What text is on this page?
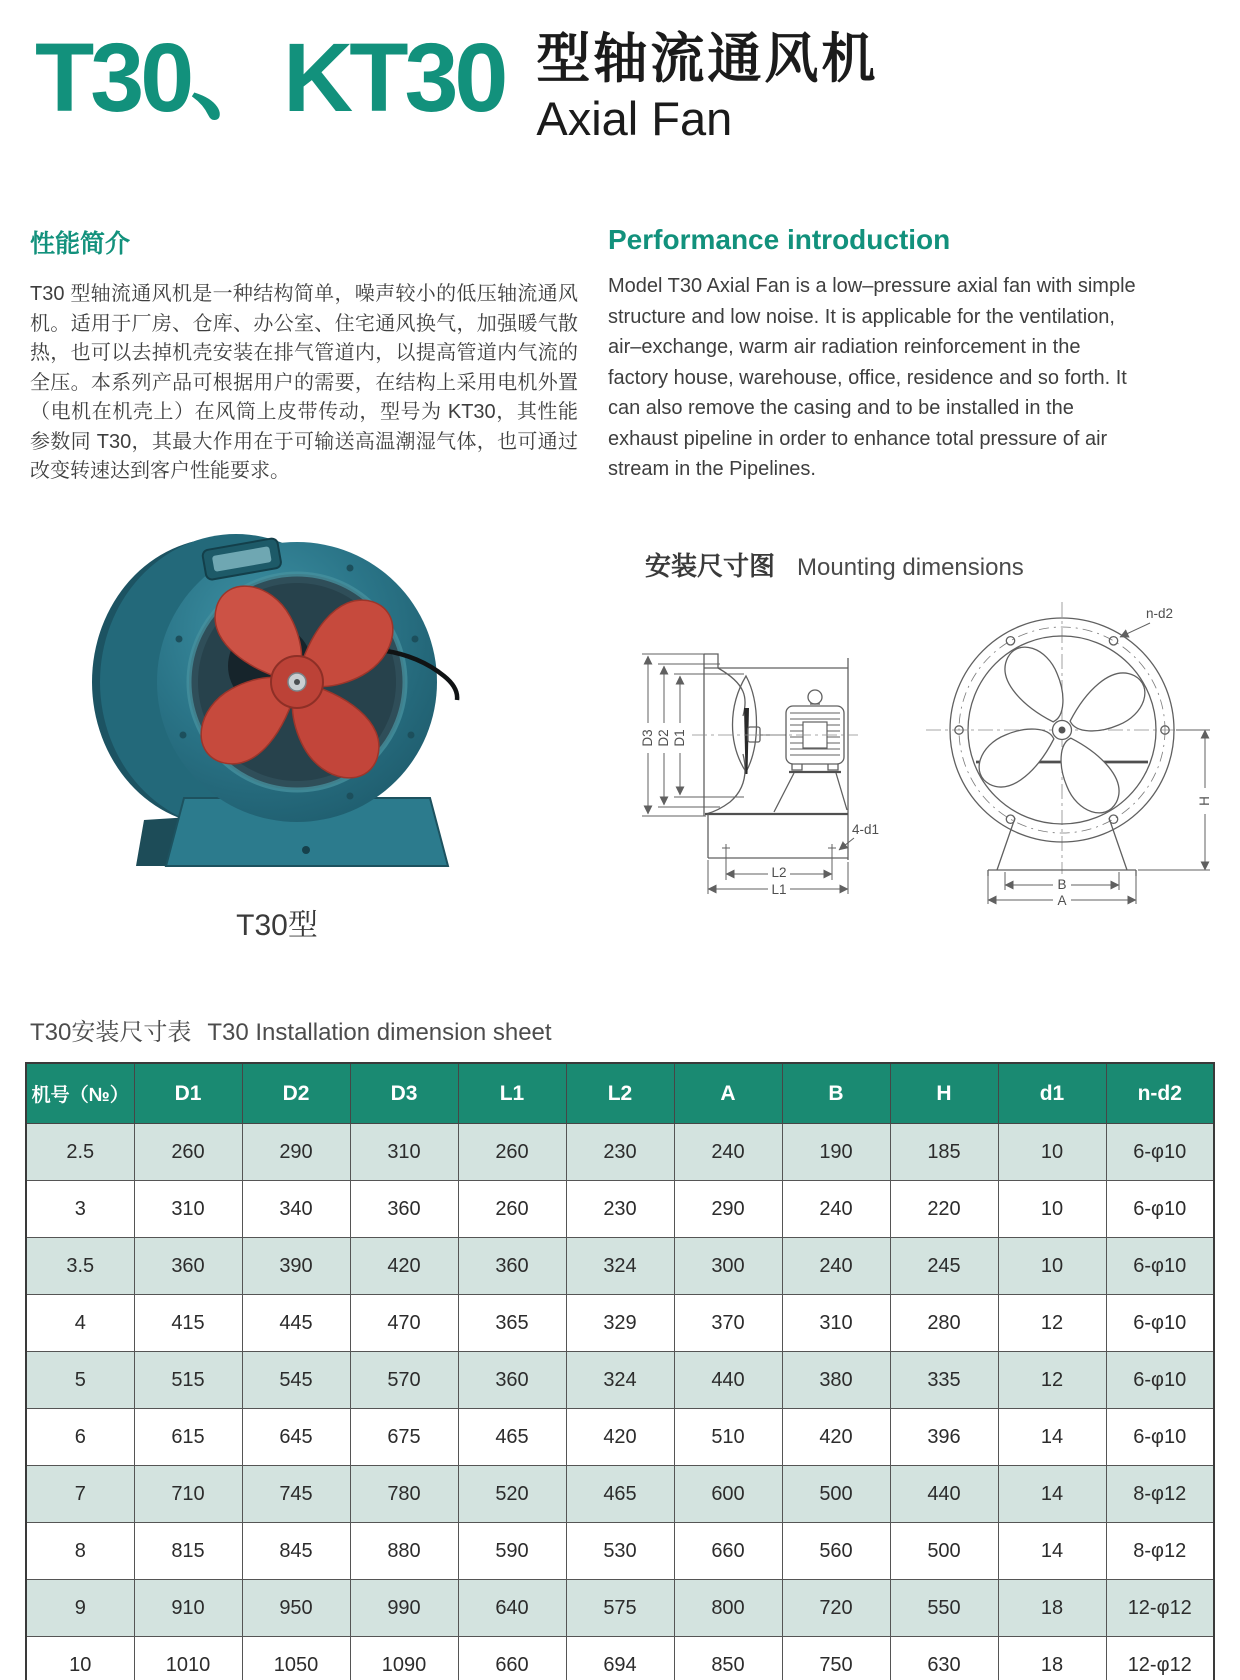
T30、KT30 型轴流通风机
Axial Fan
性能简介

T30 型轴流通风机是一种结构简单，噪声较小的低压轴流通风机。适用于厂房、仓库、办公室、住宅通风换气，加强暖气散热，也可以去掉机壳安装在排气管道内，以提高管道内气流的全压。本系列产品可根据用户的需要，在结构上采用电机外置（电机在机壳上）在风筒上皮带传动，型号为 KT30，其性能参数同 T30，其最大作用在于可输送高温潮湿气体，也可通过改变转速达到客户性能要求。

Performance introduction

Model T30 Axial Fan is a low–pressure axial fan with simple structure and low noise. It is applicable for the ventilation, air–exchange, warm air radiation reinforcement in the factory house, warehouse, office, residence and so forth. It can also remove the casing and to be installed in the exhaust pipeline in order to enhance total pressure of air stream in the Pipelines.

T30型
安装尺寸图 Mounting dimensions
D3 D2 D1
4-d1
L2
L1	B
A
H
n-d2
T30安装尺寸表 T30 Installation dimension sheet
机号（№）	D1	D2	D3	L1	L2	A	B	H	d1	n-d2
2.5	260	290	310	260	230	240	190	185	10	6-φ10
3	310	340	360	260	230	290	240	220	10	6-φ10
3.5	360	390	420	360	324	300	240	245	10	6-φ10
4	415	445	470	365	329	370	310	280	12	6-φ10
5	515	545	570	360	324	440	380	335	12	6-φ10
6	615	645	675	465	420	510	420	396	14	6-φ10
7	710	745	780	520	465	600	500	440	14	8-φ12
8	815	845	880	590	530	660	560	500	14	8-φ12
9	910	950	990	640	575	800	720	550	18	12-φ12
10	1010	1050	1090	660	694	850	750	630	18	12-φ12
